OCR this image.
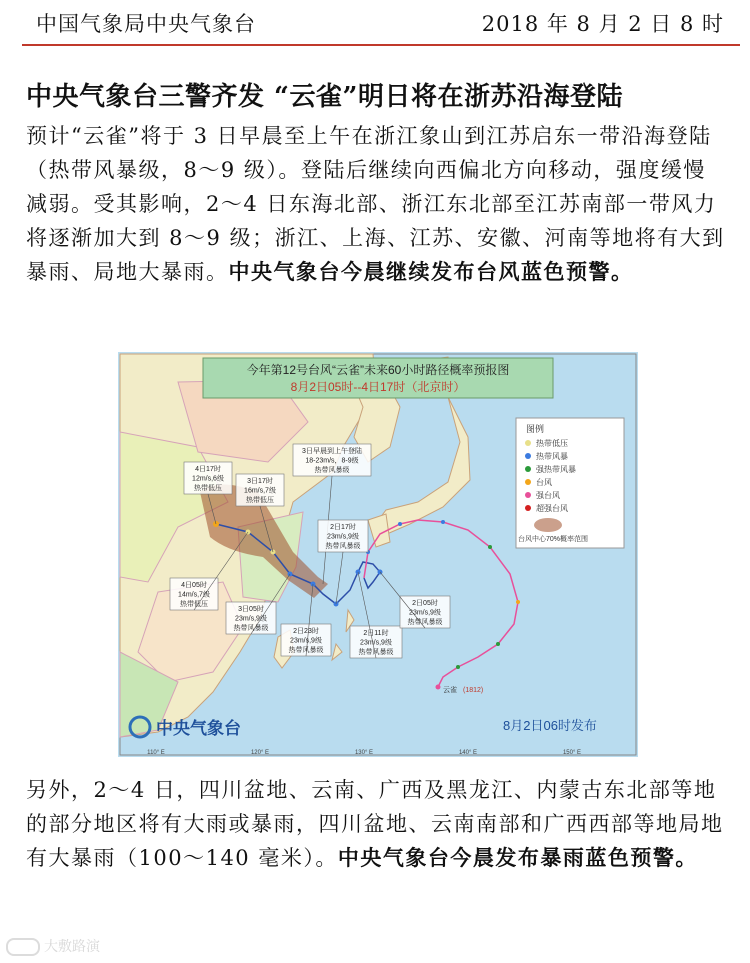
中国气象局中央气象台	2018 年 8 月 2 日 8 时
中央气象台三警齐发 “云雀”明日将在浙苏沿海登陆
预计“云雀”将于 3 日早晨至上午在浙江象山到江苏启东一带沿海登陆（热带风暴级，8～9 级）。登陆后继续向西偏北方向移动，强度缓慢减弱。受其影响，2～4 日东海北部、浙江东北部至江苏南部一带风力将逐渐加大到 8～9 级；浙江、上海、江苏、安徽、河南等地将有大到暴雨、局地大暴雨。中央气象台今晨继续发布台风蓝色预警。
今年第12号台风“云雀”未来60小时路径概率预报图
8月2日05时--4日17时（北京时）
图例
热带低压
热带风暴
强热带风暴
台风
强台风
超强台风
台风中心70%概率范围
3日早晨到上午登陆
18-23m/s，8-9级
热带风暴级
4日17时
12m/s,6级
热带低压
3日17时
16m/s,7级
热带低压
2日17时
23m/s,9级
热带风暴级
4日05时
14m/s,7级
热带低压
3日05时
23m/s,9级
热带风暴级	2日23时
23m/s,9级
热带风暴级
2日11时
23m/s,9级
热带风暴级
2日05时
23m/s,9级
热带风暴级
云雀 (1812)
中央气象台	8月2日06时发布
110° E	120° E	130° E	140° E	150° E
另外，2～4 日，四川盆地、云南、广西及黑龙江、内蒙古东北部等地的部分地区将有大雨或暴雨，四川盆地、云南南部和广西西部等地局地有大暴雨（100～140 毫米）。中央气象台今晨发布暴雨蓝色预警。
大敷路演
